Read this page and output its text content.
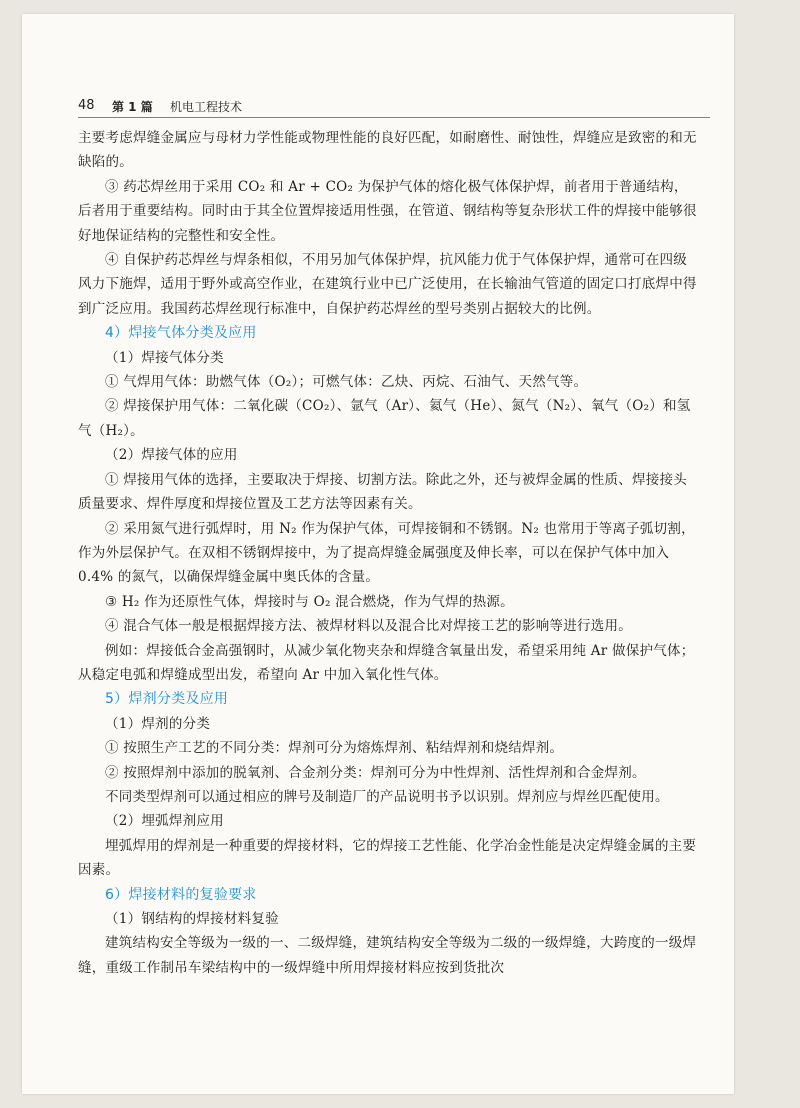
48 第 1 篇 机电工程技术

主要考虑焊缝金属应与母材力学性能或物理性能的良好匹配，如耐磨性、耐蚀性，焊缝应是致密的和无缺陷的。

③ 药芯焊丝用于采用 CO₂ 和 Ar + CO₂ 为保护气体的熔化极气体保护焊，前者用于普通结构，后者用于重要结构。同时由于其全位置焊接适用性强，在管道、钢结构等复杂形状工件的焊接中能够很好地保证结构的完整性和安全性。

④ 自保护药芯焊丝与焊条相似，不用另加气体保护焊，抗风能力优于气体保护焊，通常可在四级风力下施焊，适用于野外或高空作业，在建筑行业中已广泛使用，在长输油气管道的固定口打底焊中得到广泛应用。我国药芯焊丝现行标准中，自保护药芯焊丝的型号类别占据较大的比例。

4）焊接气体分类及应用

（1）焊接气体分类

① 气焊用气体：助燃气体（O₂）；可燃气体：乙炔、丙烷、石油气、天然气等。

② 焊接保护用气体：二氧化碳（CO₂）、氩气（Ar）、氦气（He）、氮气（N₂）、氧气（O₂）和氢气（H₂）。

（2）焊接气体的应用

① 焊接用气体的选择，主要取决于焊接、切割方法。除此之外，还与被焊金属的性质、焊接接头质量要求、焊件厚度和焊接位置及工艺方法等因素有关。

② 采用氮气进行弧焊时，用 N₂ 作为保护气体，可焊接铜和不锈钢。N₂ 也常用于等离子弧切割，作为外层保护气。在双相不锈钢焊接中，为了提高焊缝金属强度及伸长率，可以在保护气体中加入 0.4% 的氮气，以确保焊缝金属中奥氏体的含量。

③ H₂ 作为还原性气体，焊接时与 O₂ 混合燃烧，作为气焊的热源。

④ 混合气体一般是根据焊接方法、被焊材料以及混合比对焊接工艺的影响等进行选用。

例如：焊接低合金高强钢时，从减少氧化物夹杂和焊缝含氧量出发，希望采用纯 Ar 做保护气体；从稳定电弧和焊缝成型出发，希望向 Ar 中加入氧化性气体。

5）焊剂分类及应用

（1）焊剂的分类

① 按照生产工艺的不同分类：焊剂可分为熔炼焊剂、粘结焊剂和烧结焊剂。

② 按照焊剂中添加的脱氧剂、合金剂分类：焊剂可分为中性焊剂、活性焊剂和合金焊剂。

不同类型焊剂可以通过相应的牌号及制造厂的产品说明书予以识别。焊剂应与焊丝匹配使用。

（2）埋弧焊剂应用

埋弧焊用的焊剂是一种重要的焊接材料，它的焊接工艺性能、化学冶金性能是决定焊缝金属的主要因素。

6）焊接材料的复验要求

（1）钢结构的焊接材料复验

建筑结构安全等级为一级的一、二级焊缝，建筑结构安全等级为二级的一级焊缝，大跨度的一级焊缝，重级工作制吊车梁结构中的一级焊缝中所用焊接材料应按到货批次
